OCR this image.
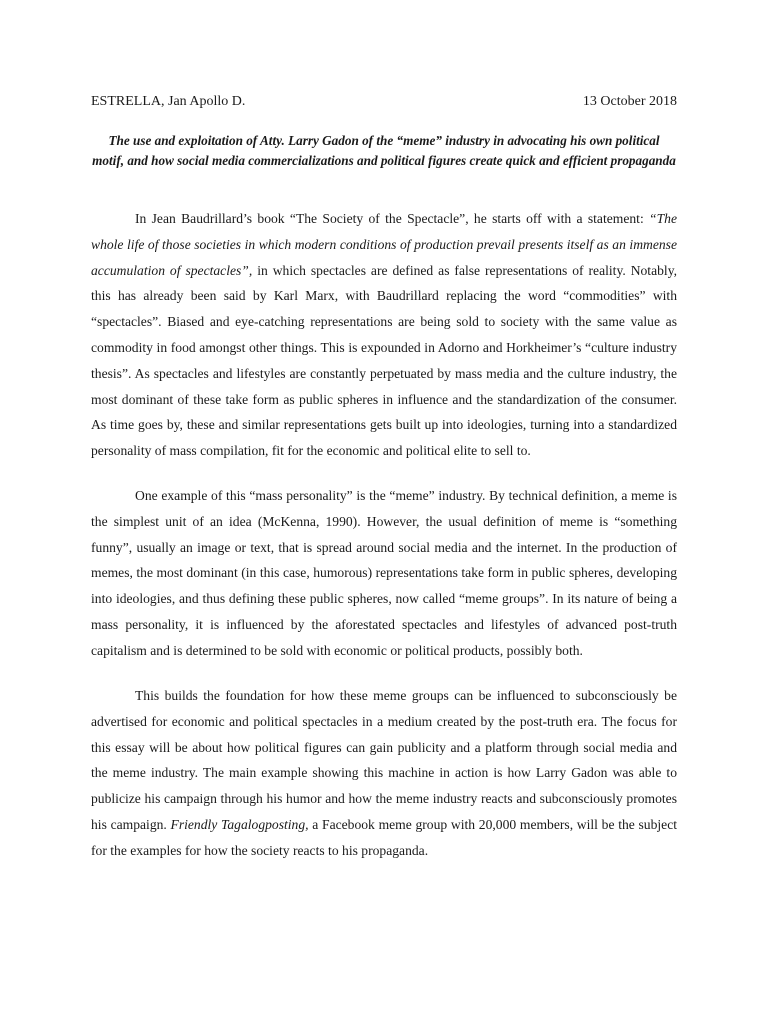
ESTRELLA, Jan Apollo D.	13 October 2018
The use and exploitation of Atty. Larry Gadon of the “meme” industry in advocating his own political motif, and how social media commercializations and political figures create quick and efficient propaganda

In Jean Baudrillard’s book “The Society of the Spectacle”, he starts off with a statement: “The whole life of those societies in which modern conditions of production prevail presents itself as an immense accumulation of spectacles”, in which spectacles are defined as false representations of reality. Notably, this has already been said by Karl Marx, with Baudrillard replacing the word “commodities” with “spectacles”. Biased and eye-catching representations are being sold to society with the same value as commodity in food amongst other things. This is expounded in Adorno and Horkheimer’s “culture industry thesis”. As spectacles and lifestyles are constantly perpetuated by mass media and the culture industry, the most dominant of these take form as public spheres in influence and the standardization of the consumer. As time goes by, these and similar representations gets built up into ideologies, turning into a standardized personality of mass compilation, fit for the economic and political elite to sell to.

One example of this “mass personality” is the “meme” industry. By technical definition, a meme is the simplest unit of an idea (McKenna, 1990). However, the usual definition of meme is “something funny”, usually an image or text, that is spread around social media and the internet. In the production of memes, the most dominant (in this case, humorous) representations take form in public spheres, developing into ideologies, and thus defining these public spheres, now called “meme groups”. In its nature of being a mass personality, it is influenced by the aforestated spectacles and lifestyles of advanced post-truth capitalism and is determined to be sold with economic or political products, possibly both.

This builds the foundation for how these meme groups can be influenced to subconsciously be advertised for economic and political spectacles in a medium created by the post-truth era. The focus for this essay will be about how political figures can gain publicity and a platform through social media and the meme industry. The main example showing this machine in action is how Larry Gadon was able to publicize his campaign through his humor and how the meme industry reacts and subconsciously promotes his campaign. Friendly Tagalogposting, a Facebook meme group with 20,000 members, will be the subject for the examples for how the society reacts to his propaganda.
